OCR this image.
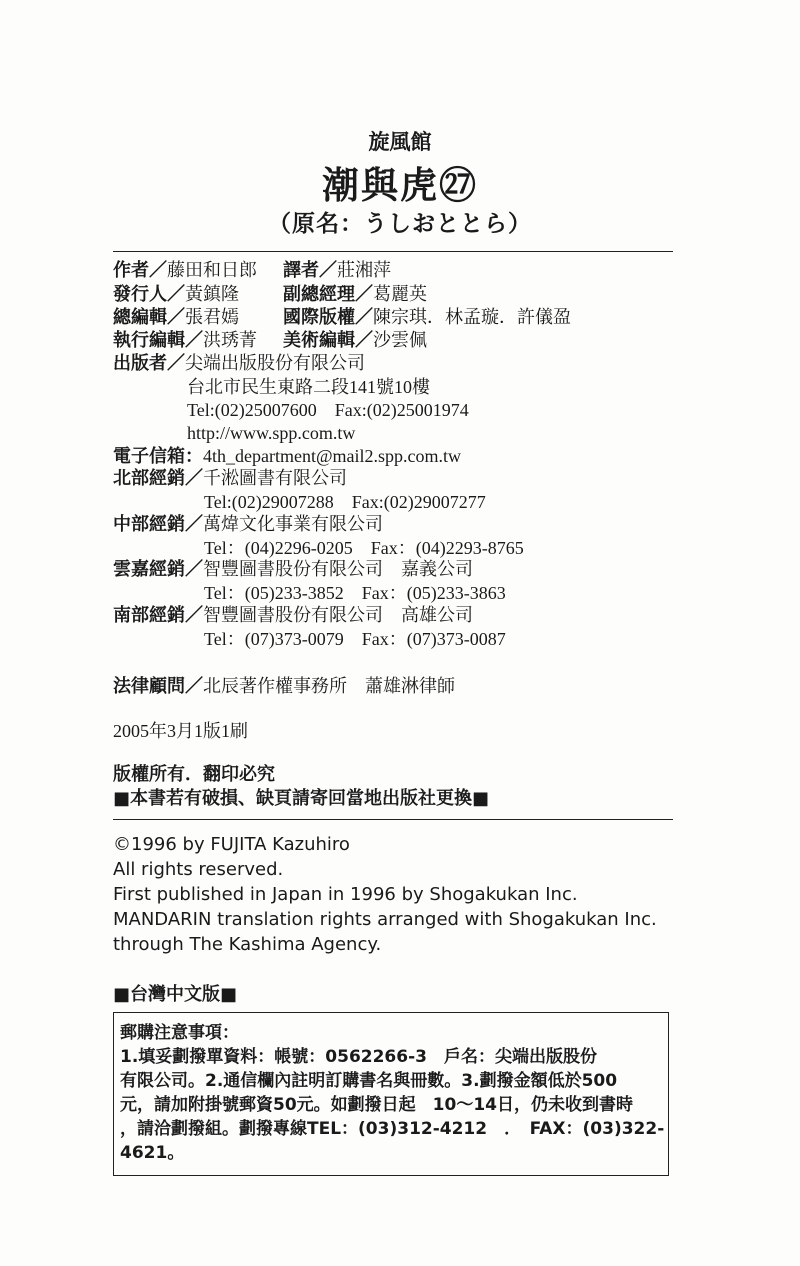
旋風館
潮與虎㉗
（原名：うしおととら）
作者／藤田和日郎 譯者／莊湘萍
發行人／黃鎮隆 副總經理／葛麗英
總編輯／張君嫣 國際版權／陳宗琪．林孟璇．許儀盈
執行編輯／洪琇菁 美術編輯／沙雲佩
出版者／尖端出版股份有限公司
台北市民生東路二段141號10樓
Tel:(02)25007600　Fax:(02)25001974
http://www.spp.com.tw
電子信箱：4th_department@mail2.spp.com.tw
北部經銷／千淞圖書有限公司
Tel:(02)29007288　Fax:(02)29007277
中部經銷／萬煒文化事業有限公司
Tel：(04)2296-0205　Fax：(04)2293-8765
雲嘉經銷／智豐圖書股份有限公司　嘉義公司
Tel：(05)233-3852　Fax：(05)233-3863
南部經銷／智豐圖書股份有限公司　高雄公司
Tel：(07)373-0079　Fax：(07)373-0087
法律顧問／北辰著作權事務所　蕭雄淋律師
2005年3月1版1刷
版權所有．翻印必究
■本書若有破損、缺頁請寄回當地出版社更換■
©1996 by FUJITA Kazuhiro
All rights reserved.
First published in Japan in 1996 by Shogakukan Inc.
MANDARIN translation rights arranged with Shogakukan Inc.
through The Kashima Agency.
■台灣中文版■
郵購注意事項：
1.填妥劃撥單資料：帳號：0562266-3　戶名：尖端出版股份
有限公司。2.通信欄內註明訂購書名與冊數。3.劃撥金額低於500
元，請加附掛號郵資50元。如劃撥日起　10～14日，仍未收到書時
，請洽劃撥組。劃撥專線TEL：(03)312-4212　．　FAX：(03)322-
4621。
